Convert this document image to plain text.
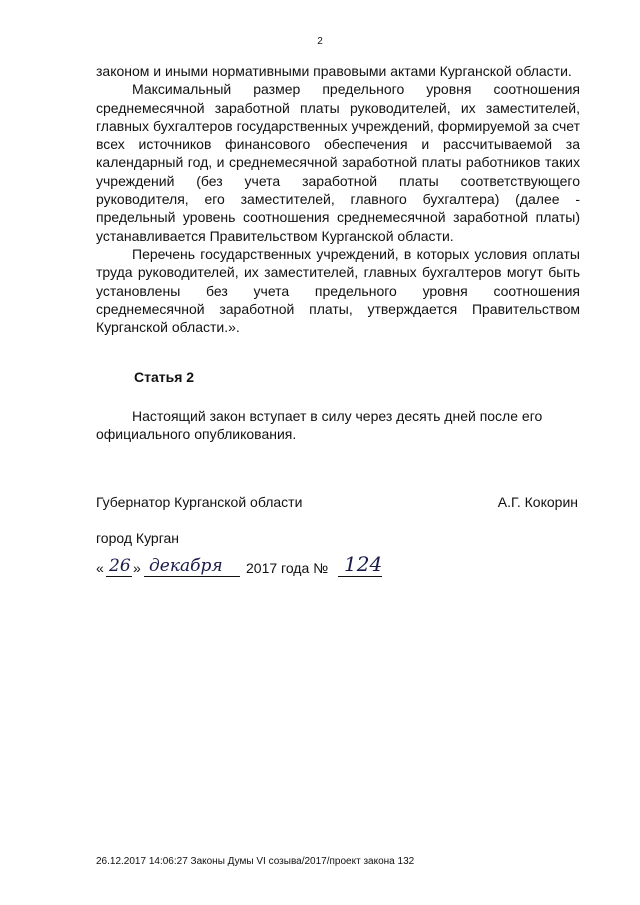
2

законом и иными нормативными правовыми актами Курганской области.

Максимальный размер предельного уровня соотношения среднемесячной заработной платы руководителей, их заместителей, главных бухгалтеров государственных учреждений, формируемой за счет всех источников финансового обеспечения и рассчитываемой за календарный год, и среднемесячной заработной платы работников таких учреждений (без учета заработной платы соответствующего руководителя, его заместителей, главного бухгалтера) (далее - предельный уровень соотношения среднемесячной заработной платы) устанавливается Правительством Курганской области.

Перечень государственных учреждений, в которых условия оплаты труда руководителей, их заместителей, главных бухгалтеров могут быть установлены без учета предельного уровня соотношения среднемесячной заработной платы, утверждается Правительством Курганской области.».

Статья 2

Настоящий закон вступает в силу через десять дней после его официального опубликования.

Губернатор Курганской области	А.Г. Кокорин
город Курган
« 26 » декабря 2017 года № 124
26.12.2017 14:06:27 Законы Думы VI созыва/2017/проект закона 132
